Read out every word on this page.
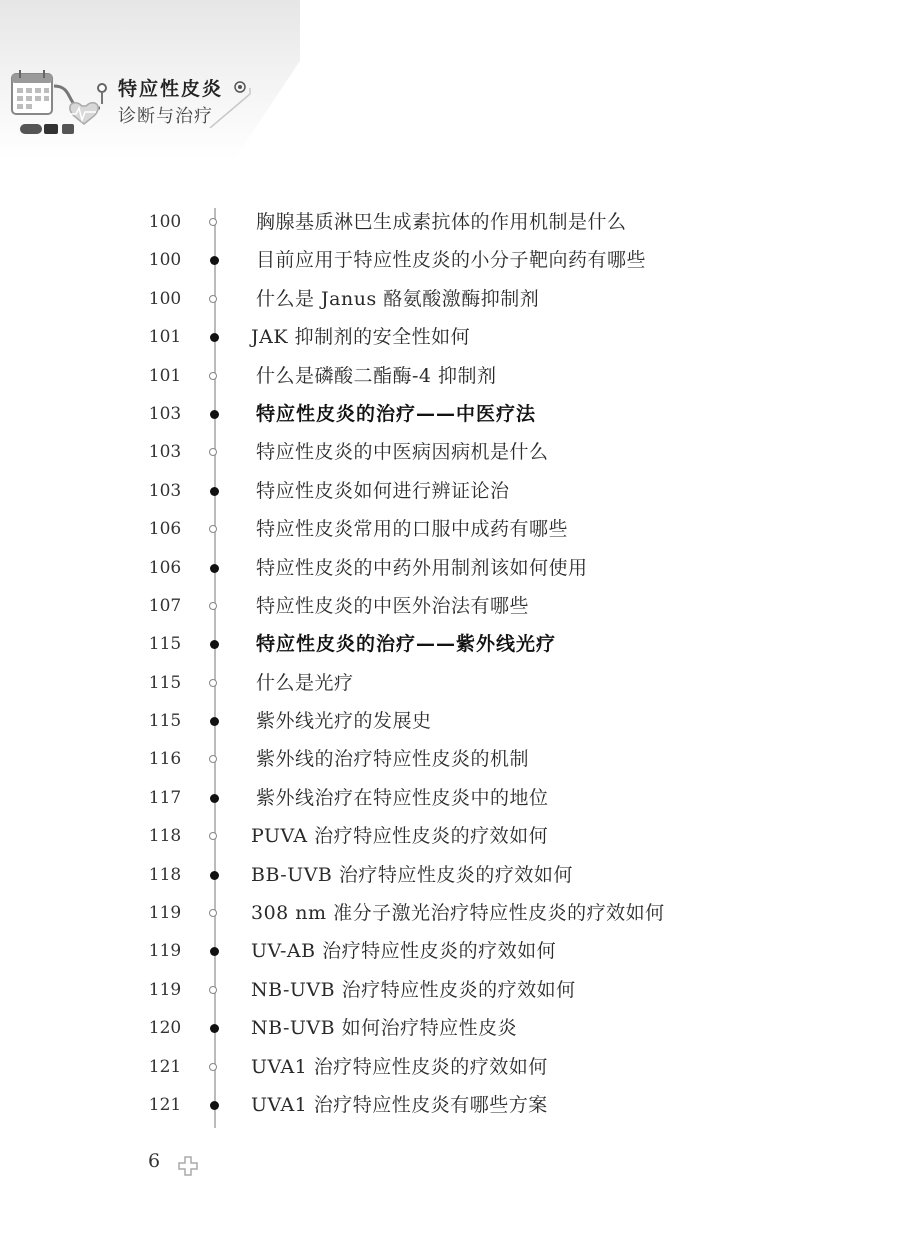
特应性皮炎
诊断与治疗
100	胸腺基质淋巴生成素抗体的作用机制是什么
100	目前应用于特应性皮炎的小分子靶向药有哪些
100	什么是 Janus 酪氨酸激酶抑制剂
101	JAK 抑制剂的安全性如何
101	什么是磷酸二酯酶-4 抑制剂
103	特应性皮炎的治疗——中医疗法
103	特应性皮炎的中医病因病机是什么
103	特应性皮炎如何进行辨证论治
106	特应性皮炎常用的口服中成药有哪些
106	特应性皮炎的中药外用制剂该如何使用
107	特应性皮炎的中医外治法有哪些
115	特应性皮炎的治疗——紫外线光疗
115	什么是光疗
115	紫外线光疗的发展史
116	紫外线的治疗特应性皮炎的机制
117	紫外线治疗在特应性皮炎中的地位
118	PUVA 治疗特应性皮炎的疗效如何
118	BB-UVB 治疗特应性皮炎的疗效如何
119	308 nm 准分子激光治疗特应性皮炎的疗效如何
119	UV-AB 治疗特应性皮炎的疗效如何
119	NB-UVB 治疗特应性皮炎的疗效如何
120	NB-UVB 如何治疗特应性皮炎
121	UVA1 治疗特应性皮炎的疗效如何
121	UVA1 治疗特应性皮炎有哪些方案
6
